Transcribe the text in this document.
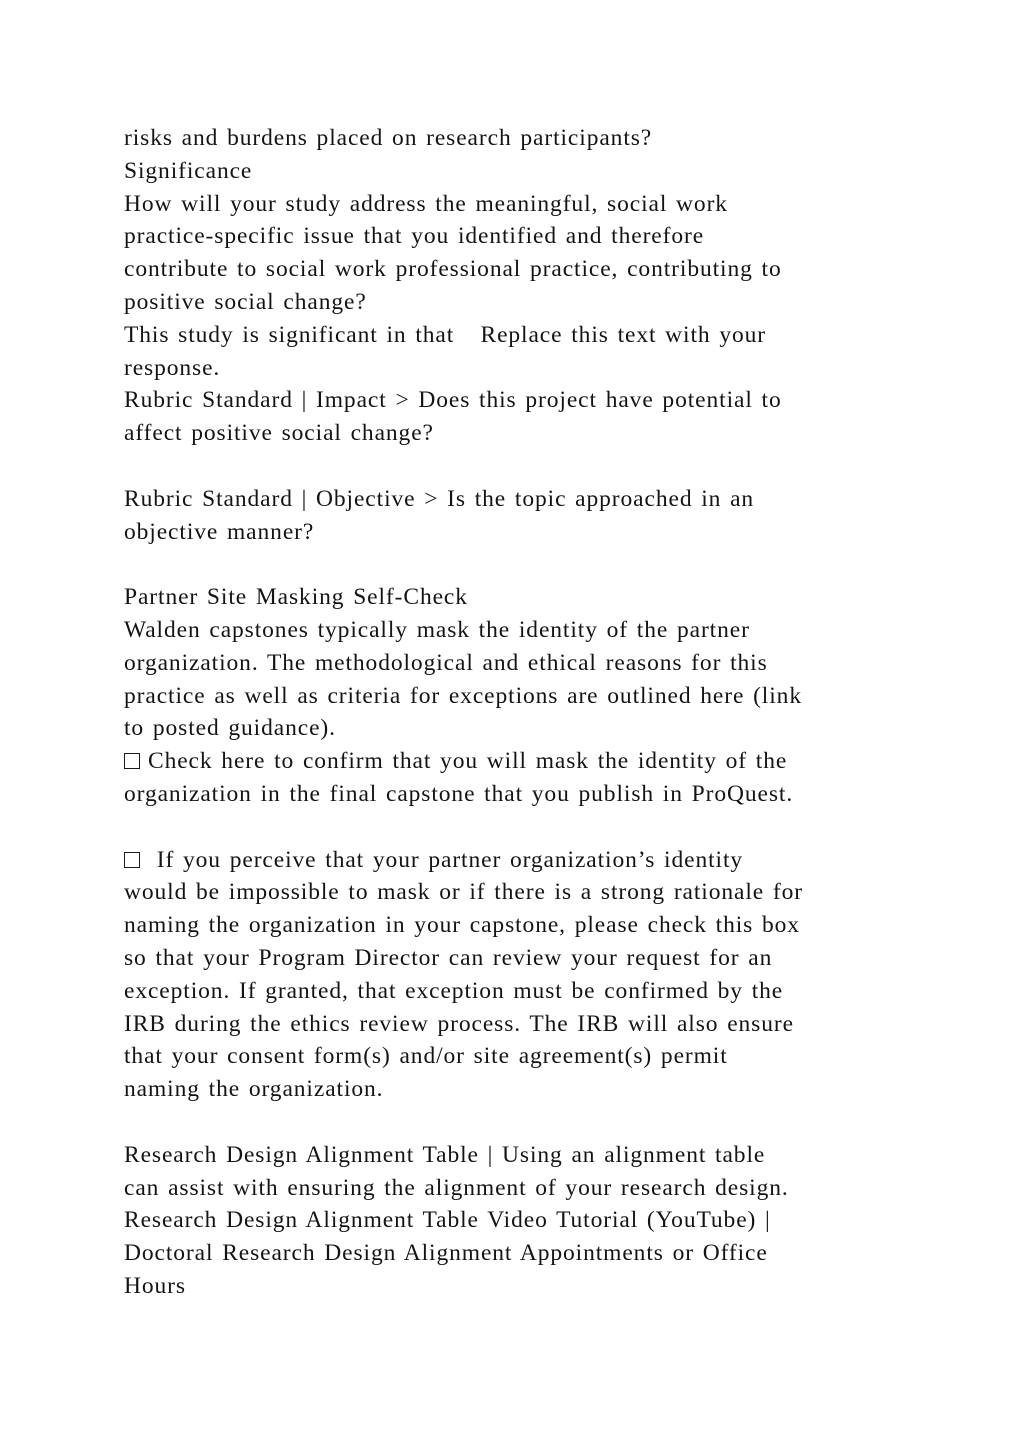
risks and burdens placed on research participants?
Significance
How will your study address the meaningful, social work
practice-specific issue that you identified and therefore
contribute to social work professional practice, contributing to
positive social change?
This study is significant in that   Replace this text with your
response.
Rubric Standard | Impact > Does this project have potential to
affect positive social change?
Rubric Standard | Objective > Is the topic approached in an
objective manner?
Partner Site Masking Self-Check
Walden capstones typically mask the identity of the partner
organization. The methodological and ethical reasons for this
practice as well as criteria for exceptions are outlined here (link
to posted guidance).
Check here to confirm that you will mask the identity of the
organization in the final capstone that you publish in ProQuest.
If you perceive that your partner organization’s identity
would be impossible to mask or if there is a strong rationale for
naming the organization in your capstone, please check this box
so that your Program Director can review your request for an
exception. If granted, that exception must be confirmed by the
IRB during the ethics review process. The IRB will also ensure
that your consent form(s) and/or site agreement(s) permit
naming the organization.
Research Design Alignment Table | Using an alignment table
can assist with ensuring the alignment of your research design.
Research Design Alignment Table Video Tutorial (YouTube) |
Doctoral Research Design Alignment Appointments or Office
Hours
